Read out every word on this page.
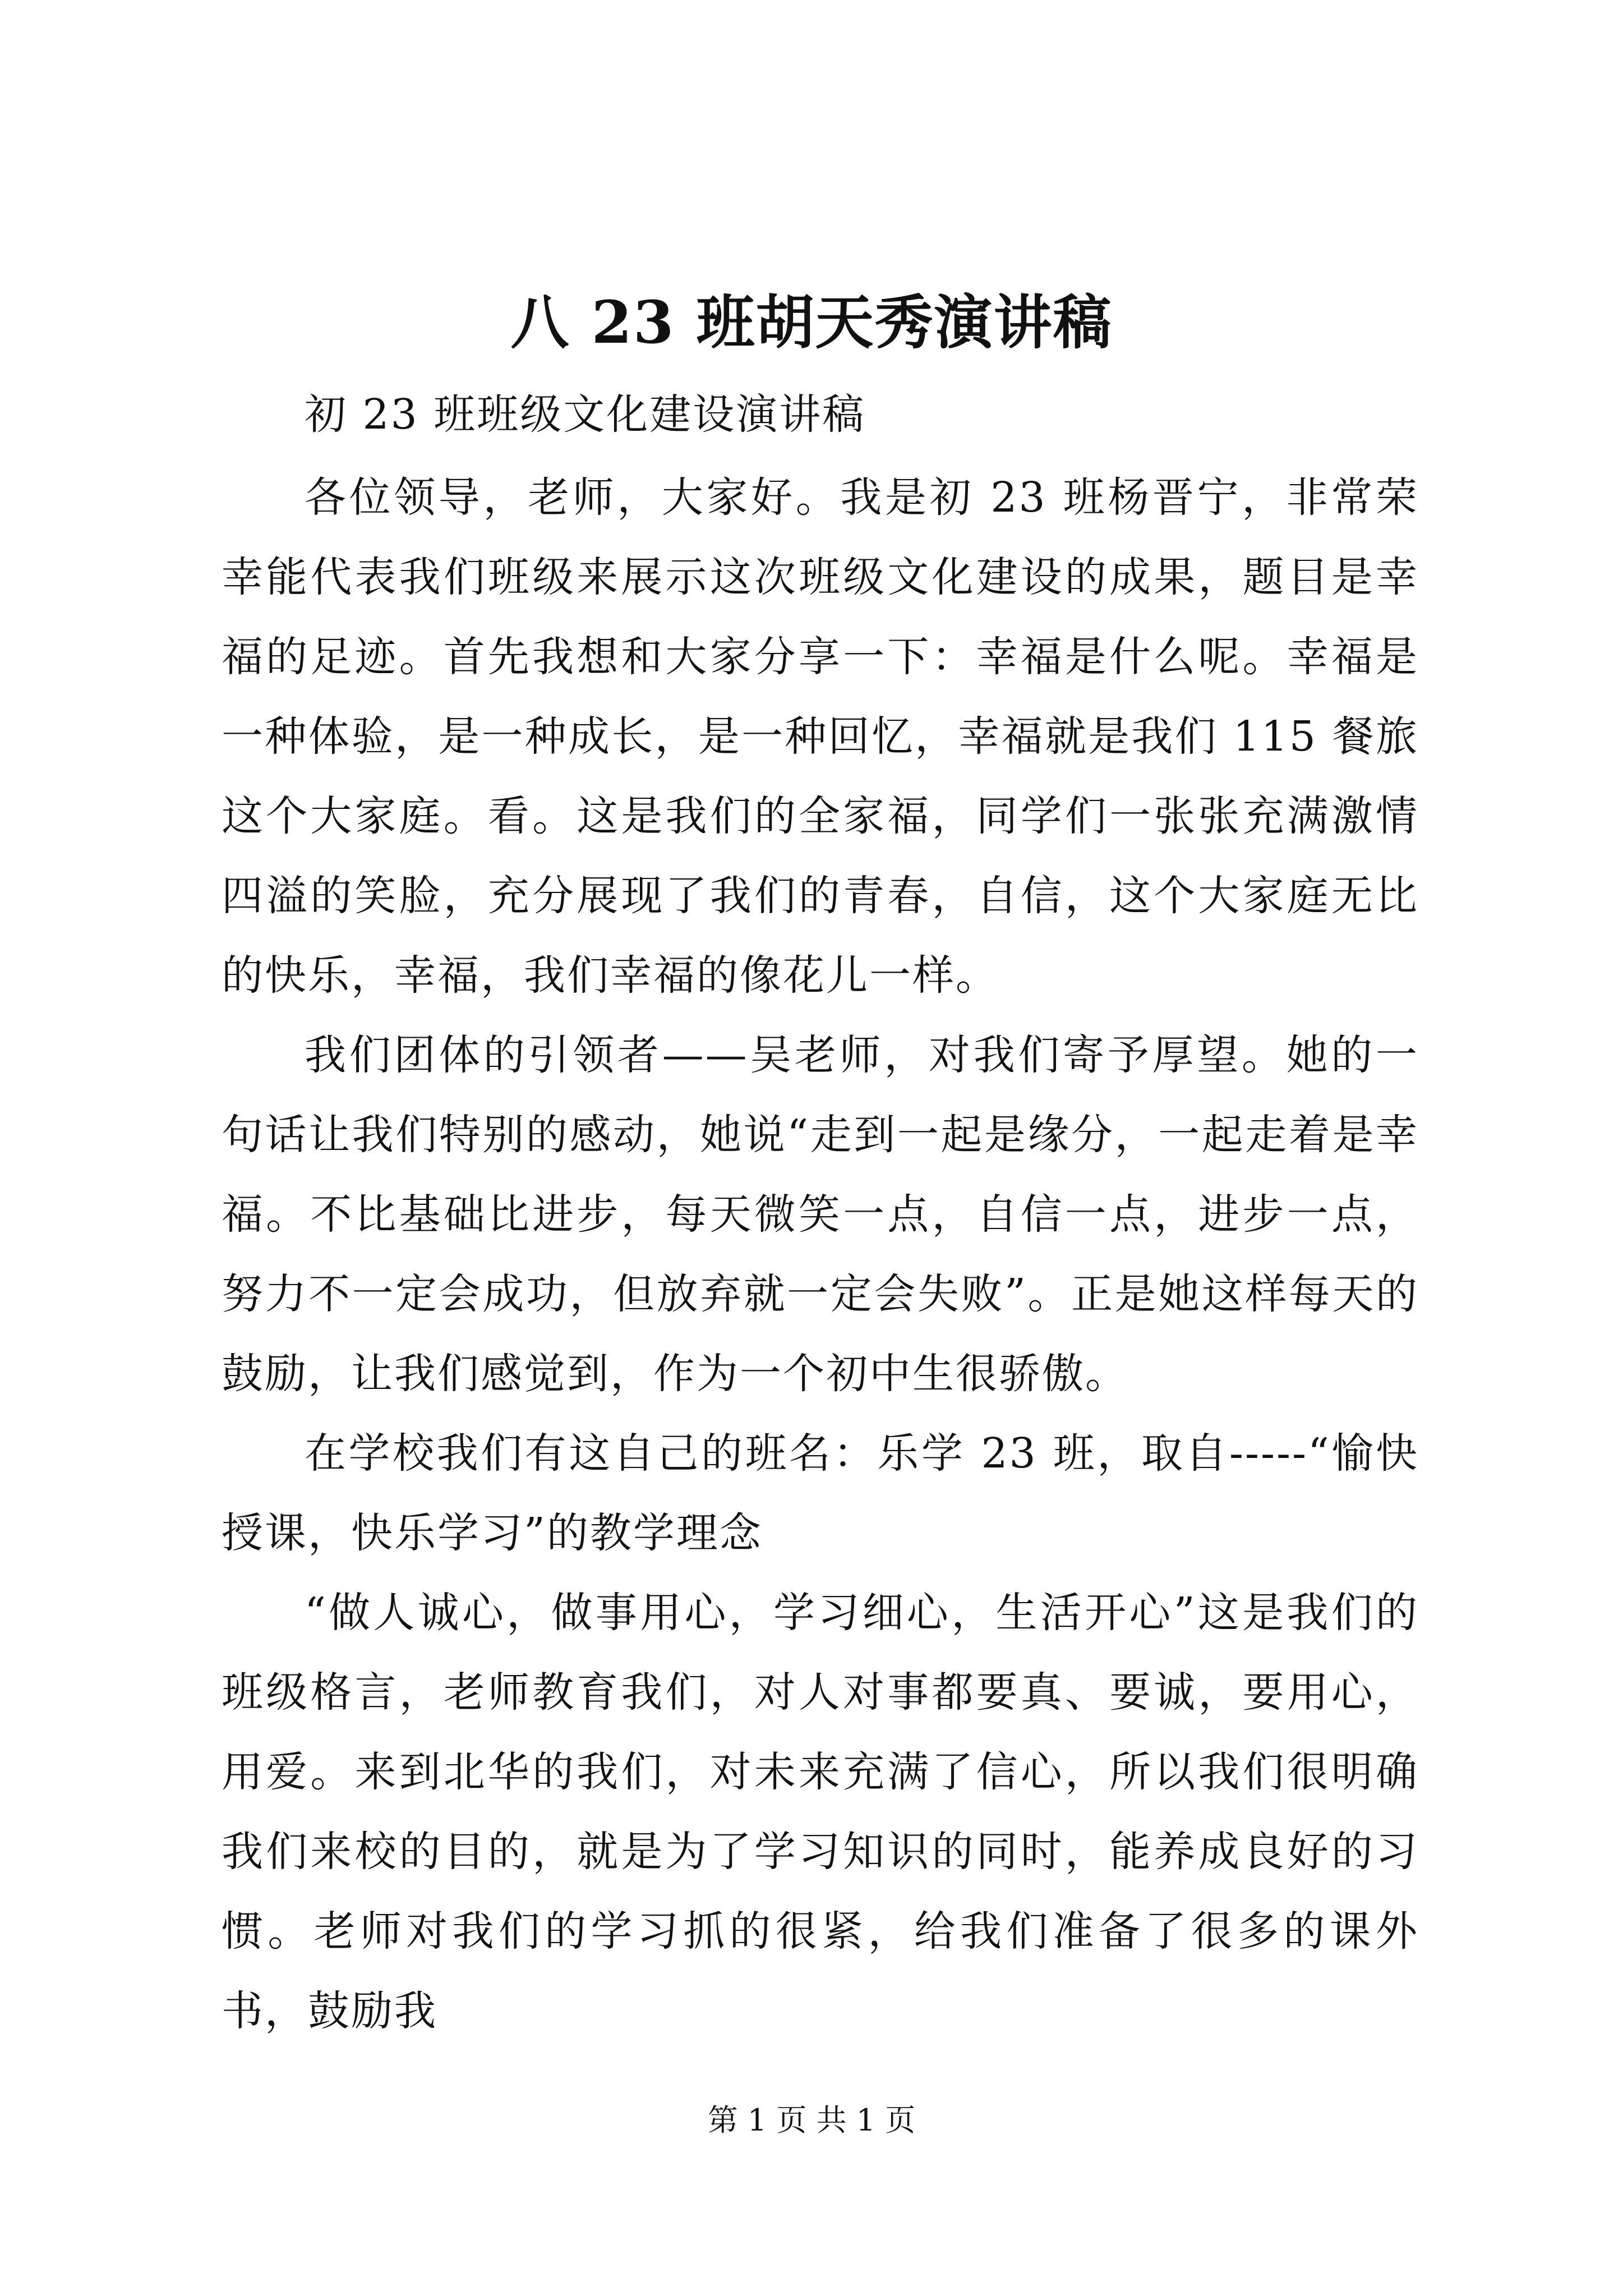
八 23 班胡天秀演讲稿

初 23 班班级文化建设演讲稿

各位领导，老师，大家好。我是初 23 班杨晋宁，非常荣幸能代表我们班级来展示这次班级文化建设的成果，题目是幸福的足迹。首先我想和大家分享一下：幸福是什么呢。幸福是一种体验，是一种成长，是一种回忆，幸福就是我们 115 餐旅这个大家庭。看。这是我们的全家福，同学们一张张充满激情四溢的笑脸，充分展现了我们的青春，自信，这个大家庭无比的快乐，幸福，我们幸福的像花儿一样。

我们团体的引领者——吴老师，对我们寄予厚望。她的一句话让我们特别的感动，她说“走到一起是缘分，一起走着是幸福。不比基础比进步，每天微笑一点，自信一点，进步一点，努力不一定会成功，但放弃就一定会失败”。正是她这样每天的鼓励，让我们感觉到，作为一个初中生很骄傲。

在学校我们有这自己的班名：乐学 23 班，取自-----“愉快授课，快乐学习”的教学理念

“做人诚心，做事用心，学习细心，生活开心”这是我们的班级格言，老师教育我们，对人对事都要真、要诚，要用心，用爱。来到北华的我们，对未来充满了信心，所以我们很明确我们来校的目的，就是为了学习知识的同时，能养成良好的习惯。老师对我们的学习抓的很紧，给我们准备了很多的课外书，鼓励我

第 1 页 共 1 页
